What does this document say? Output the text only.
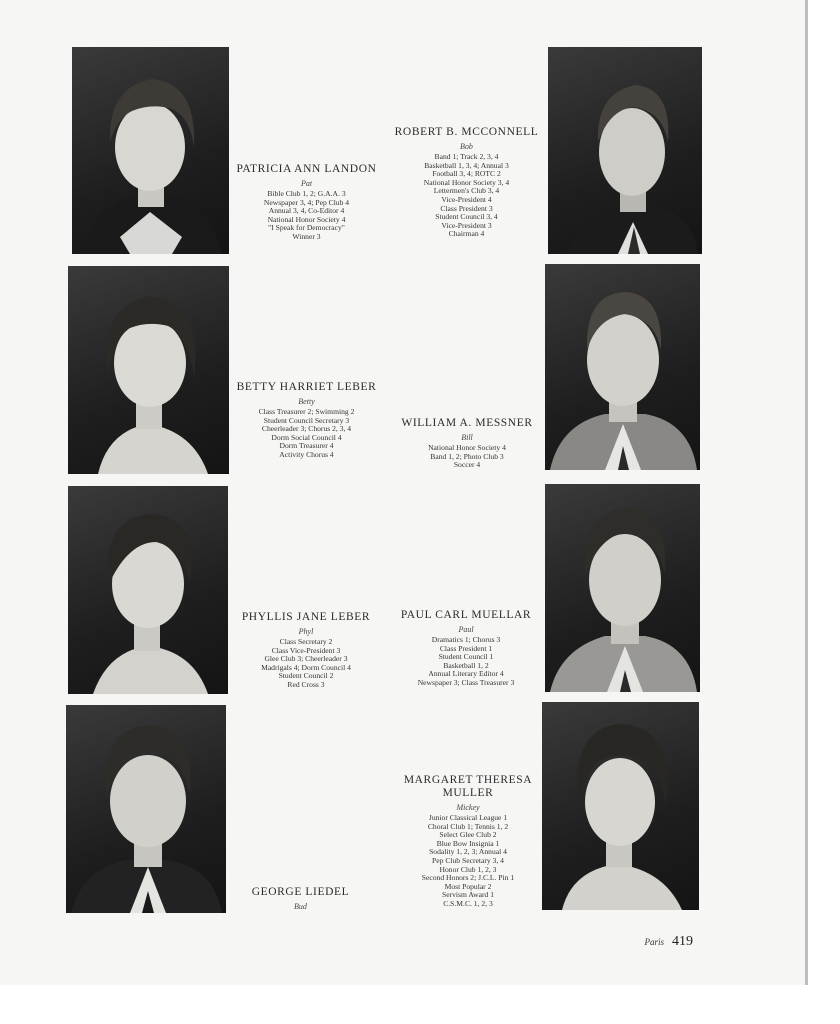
PATRICIA ANN LANDON
Pat
Bible Club 1, 2; G.A.A. 3
Newspaper 3, 4; Pep Club 4
Annual 3, 4, Co-Editor 4
National Honor Society 4
"I Speak for Democracy"
Winner 3
ROBERT B. MCCONNELL
Bob
Band 1; Track 2, 3, 4
Basketball 1, 3, 4; Annual 3
Football 3, 4; ROTC 2
National Honor Society 3, 4
Lettermen's Club 3, 4
Vice-President 4
Class President 3
Student Council 3, 4
Vice-President 3
Chairman 4
BETTY HARRIET LEBER
Betty
Class Treasurer 2; Swimming 2
Student Council Secretary 3
Cheerleader 3; Chorus 2, 3, 4
Dorm Social Council 4
Dorm Treasurer 4
Activity Chorus 4
WILLIAM A. MESSNER
Bill
National Honor Society 4
Band 1, 2; Photo Club 3
Soccer 4
PHYLLIS JANE LEBER
Phyl
Class Secretary 2
Class Vice-President 3
Glee Club 3; Cheerleader 3
Madrigals 4; Dorm Council 4
Student Council 2
Red Cross 3
PAUL CARL MUELLAR
Paul
Dramatics 1; Chorus 3
Class President 1
Student Council 1
Basketball 1, 2
Annual Literary Editor 4
Newspaper 3; Class Treasurer 3
GEORGE LIEDEL
Bud
MARGARET THERESA MULLER
Mickey
Junior Classical League 1
Choral Club 1; Tennis 1, 2
Select Glee Club 2
Blue Bow Insignia 1
Sodality 1, 2, 3; Annual 4
Pep Club Secretary 3, 4
Honor Club 1, 2, 3
Second Honors 2; J.C.L. Pin 1
Most Popular 2
Servism Award 1
C.S.M.C. 1, 2, 3
Paris 419
